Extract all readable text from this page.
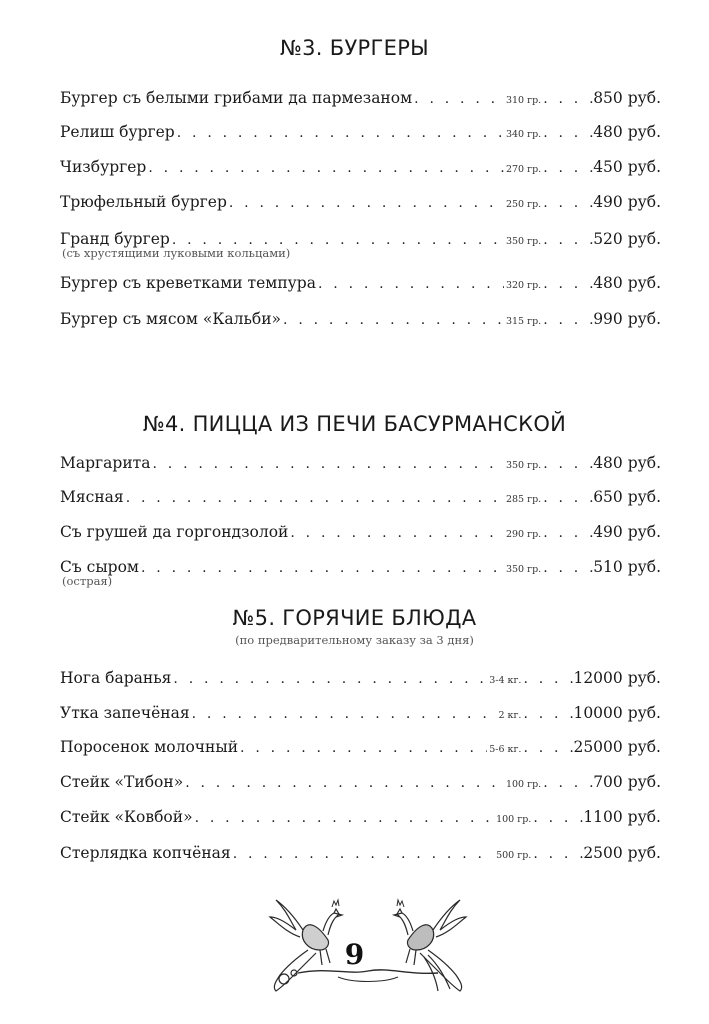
№3. БУРГЕРЫ
Бургер съ белыми грибами да пармезаном . . .	310 гр. . . .	850 руб.
Релиш бургер . . .	340 гр. . . .	480 руб.
Чизбургер . . .	270 гр. . . .	450 руб.
Трюфельный бургер . . .	250 гр. . . .	490 руб.
Гранд бургер . . .	350 гр. . . .	520 руб.
(съ хрустящими луковыми кольцами)
Бургер съ креветками темпура . . .	320 гр. . . .	480 руб.
Бургер съ мясом «Кальби» . . .	315 гр. . . .	990 руб.
№4. ПИЦЦА ИЗ ПЕЧИ БАСУРМАНСКОЙ
Маргарита . . .	350 гр. . . .	480 руб.
Мясная . . .	285 гр. . . .	650 руб.
Съ грушей да горгондзолой . . .	290 гр. . . .	490 руб.
Съ сыром . . .	350 гр. . . .	510 руб.
(острая)
№5. ГОРЯЧИЕ БЛЮДА
(по предварительному заказу за 3 дня)
Нога баранья . . .	3-4 кг. . . .	12000 руб.
Утка запечёная . . .	2 кг. . . .	10000 руб.
Поросенок молочный . . .	5-6 кг. . . .	25000 руб.
Стейк «Тибон» . . .	100 гр. . . .	700 руб.
Стейк «Ковбой» . . .	100 гр. . . .	1100 руб.
Стерлядка копчёная . . .	500 гр. . . .	2500 руб.
9
